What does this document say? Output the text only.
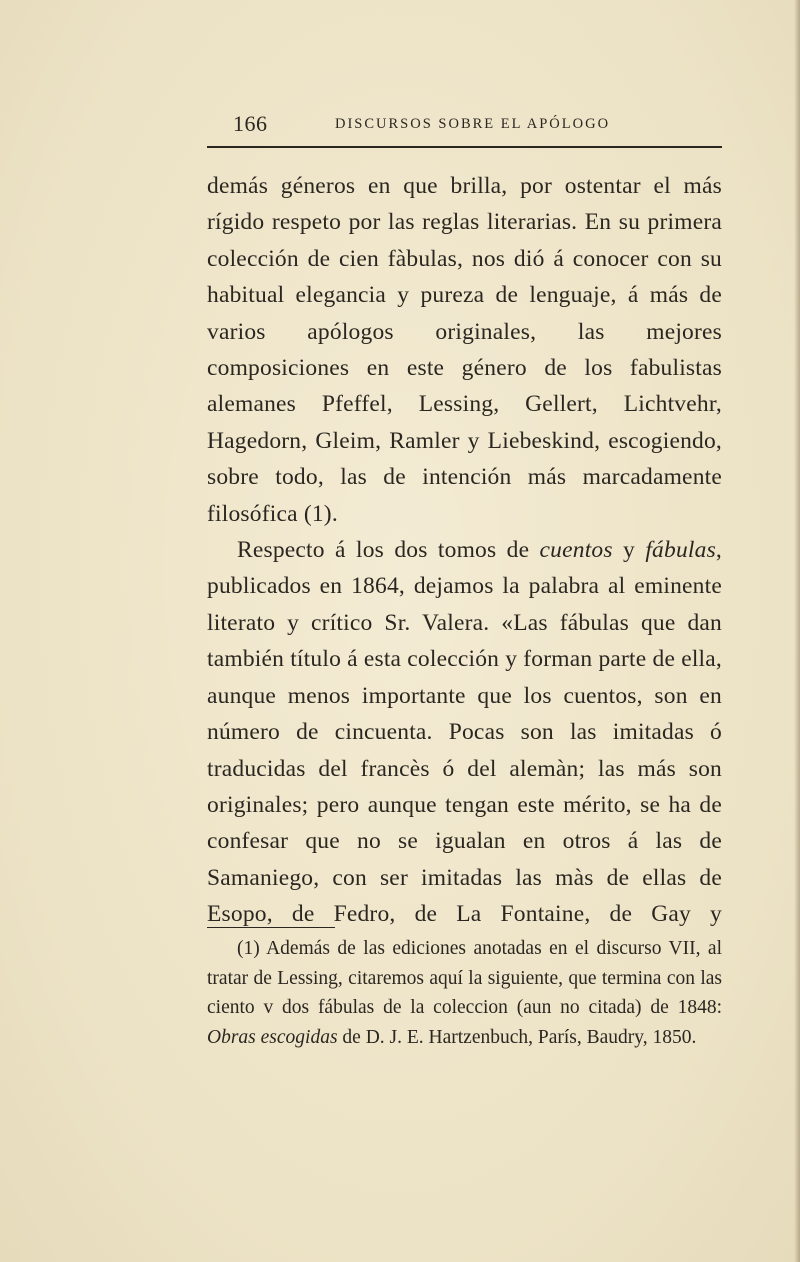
166	DISCURSOS SOBRE EL APÓLOGO

demás géneros en que brilla, por ostentar el más rígido respeto por las reglas literarias. En su primera colección de cien fàbulas, nos dió á conocer con su habitual elegancia y pureza de lenguaje, á más de varios apólogos originales, las mejores composiciones en este género de los fabulistas alemanes Pfeffel, Lessing, Gellert, Lichtvehr, Hagedorn, Gleim, Ramler y Liebeskind, escogiendo, sobre todo, las de intención más marcadamente filosófica (1).

Respecto á los dos tomos de cuentos y fábulas, publicados en 1864, dejamos la palabra al eminente literato y crítico Sr. Valera. «Las fábulas que dan también título á esta colección y forman parte de ella, aunque menos importante que los cuentos, son en número de cincuenta. Pocas son las imitadas ó traducidas del francès ó del alemàn; las más son originales; pero aunque tengan este mérito, se ha de confesar que no se igualan en otros á las de Samaniego, con ser imitadas las màs de ellas de Esopo, de Fedro, de La Fontaine, de Gay y

(1) Además de las ediciones anotadas en el discurso VII, al tratar de Lessing, citaremos aquí la siguiente, que termina con las ciento v dos fábulas de la coleccion (aun no citada) de 1848: Obras escogidas de D. J. E. Hartzenbuch, París, Baudry, 1850.
